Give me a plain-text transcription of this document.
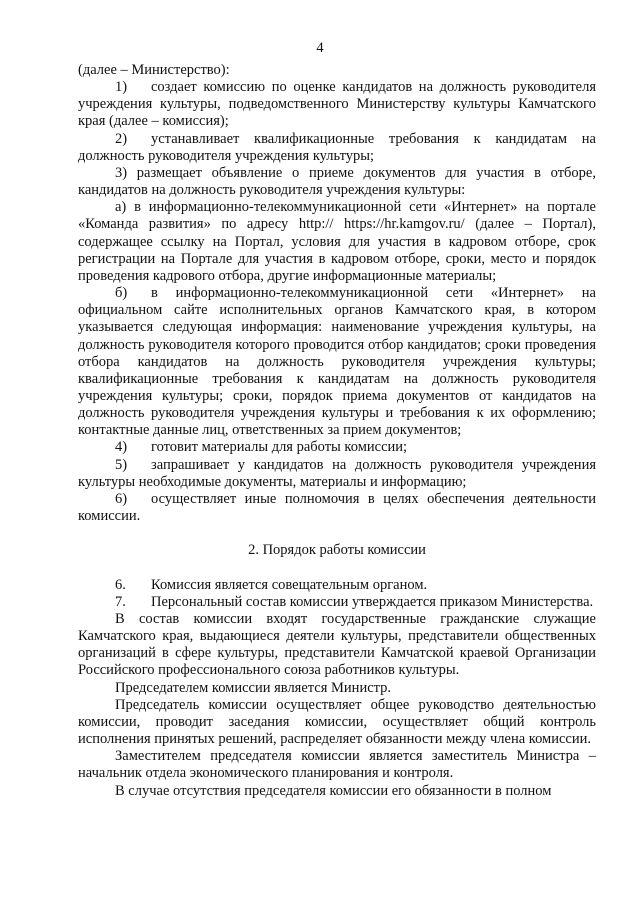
4

(далее – Министерство):

1) создает комиссию по оценке кандидатов на должность руководителя учреждения культуры, подведомственного Министерству культуры Камчатского края (далее – комиссия);

2) устанавливает квалификационные требования к кандидатам на должность руководителя учреждения культуры;

3) размещает объявление о приеме документов для участия в отборе, кандидатов на должность руководителя учреждения культуры:

а) в информационно-телекоммуникационной сети «Интернет» на портале «Команда развития» по адресу http:// https://hr.kamgov.ru/ (далее – Портал), содержащее ссылку на Портал, условия для участия в кадровом отборе, срок регистрации на Портале для участия в кадровом отборе, сроки, место и порядок проведения кадрового отбора, другие информационные материалы;

б) в информационно-телекоммуникационной сети «Интернет» на официальном сайте исполнительных органов Камчатского края, в котором указывается следующая информация: наименование учреждения культуры, на должность руководителя которого проводится отбор кандидатов; сроки проведения отбора кандидатов на должность руководителя учреждения культуры; квалификационные требования к кандидатам на должность руководителя учреждения культуры; сроки, порядок приема документов от кандидатов на должность руководителя учреждения культуры и требования к их оформлению; контактные данные лиц, ответственных за прием документов;

4) готовит материалы для работы комиссии;

5) запрашивает у кандидатов на должность руководителя учреждения культуры необходимые документы, материалы и информацию;

6) осуществляет иные полномочия в целях обеспечения деятельности комиссии.

2. Порядок работы комиссии

6. Комиссия является совещательным органом.

7. Персональный состав комиссии утверждается приказом Министерства.

В состав комиссии входят государственные гражданские служащие Камчатского края, выдающиеся деятели культуры, представители общественных организаций в сфере культуры, представители Камчатской краевой Организации Российского профессионального союза работников культуры.

Председателем комиссии является Министр.

Председатель комиссии осуществляет общее руководство деятельностью комиссии, проводит заседания комиссии, осуществляет общий контроль исполнения принятых решений, распределяет обязанности между члена комиссии.

Заместителем председателя комиссии является заместитель Министра – начальник отдела экономического планирования и контроля.

В случае отсутствия председателя комиссии его обязанности в полном
